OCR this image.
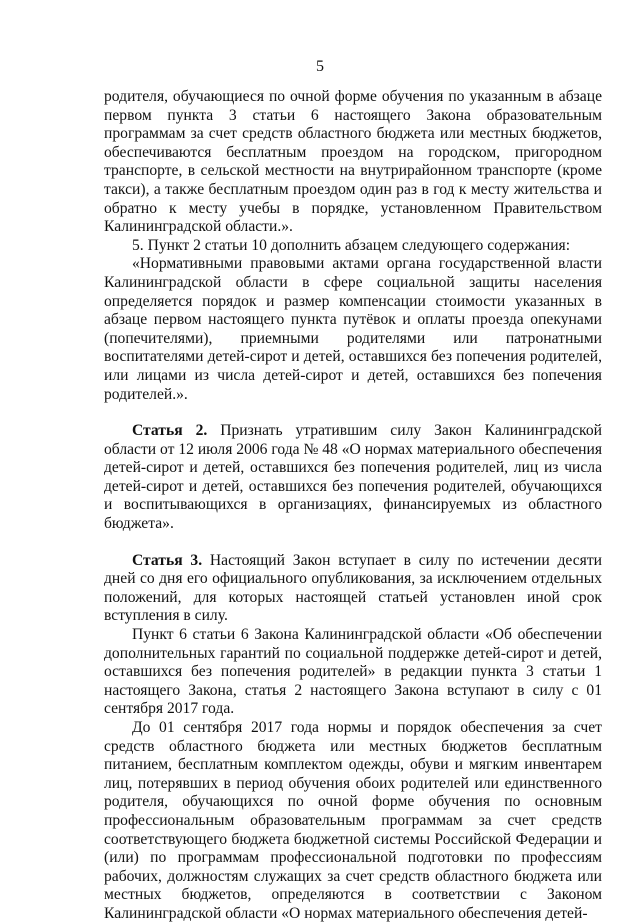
5

родителя, обучающиеся по очной форме обучения по указанным в абзаце первом пункта 3 статьи 6 настоящего Закона образовательным программам за счет средств областного бюджета или местных бюджетов, обеспечиваются бесплатным проездом на городском, пригородном транспорте, в сельской местности на внутрирайонном транспорте (кроме такси), а также бесплатным проездом один раз в год к месту жительства и обратно к месту учебы в порядке, установленном Правительством Калининградской области.».

5. Пункт 2 статьи 10 дополнить абзацем следующего содержания:

«Нормативными правовыми актами органа государственной власти Калининградской области в сфере социальной защиты населения определяется порядок и размер компенсации стоимости указанных в абзаце первом настоящего пункта путёвок и оплаты проезда опекунами (попечителями), приемными родителями или патронатными воспитателями детей-сирот и детей, оставшихся без попечения родителей, или лицами из числа детей-сирот и детей, оставшихся без попечения родителей.».

Статья 2. Признать утратившим силу Закон Калининградской области от 12 июля 2006 года № 48 «О нормах материального обеспечения детей-сирот и детей, оставшихся без попечения родителей, лиц из числа детей-сирот и детей, оставшихся без попечения родителей, обучающихся и воспитывающихся в организациях, финансируемых из областного бюджета».

Статья 3. Настоящий Закон вступает в силу по истечении десяти дней со дня его официального опубликования, за исключением отдельных положений, для которых настоящей статьей установлен иной срок вступления в силу.

Пункт 6 статьи 6 Закона Калининградской области «Об обеспечении дополнительных гарантий по социальной поддержке детей-сирот и детей, оставшихся без попечения родителей» в редакции пункта 3 статьи 1 настоящего Закона, статья 2 настоящего Закона вступают в силу с 01 сентября 2017 года.

До 01 сентября 2017 года нормы и порядок обеспечения за счет средств областного бюджета или местных бюджетов бесплатным питанием, бесплатным комплектом одежды, обуви и мягким инвентарем лиц, потерявших в период обучения обоих родителей или единственного родителя, обучающихся по очной форме обучения по основным профессиональным образовательным программам за счет средств соответствующего бюджета бюджетной системы Российской Федерации и (или) по программам профессиональной подготовки по профессиям рабочих, должностям служащих за счет средств областного бюджета или местных бюджетов, определяются в соответствии с Законом Калининградской области «О нормах материального обеспечения детей-
